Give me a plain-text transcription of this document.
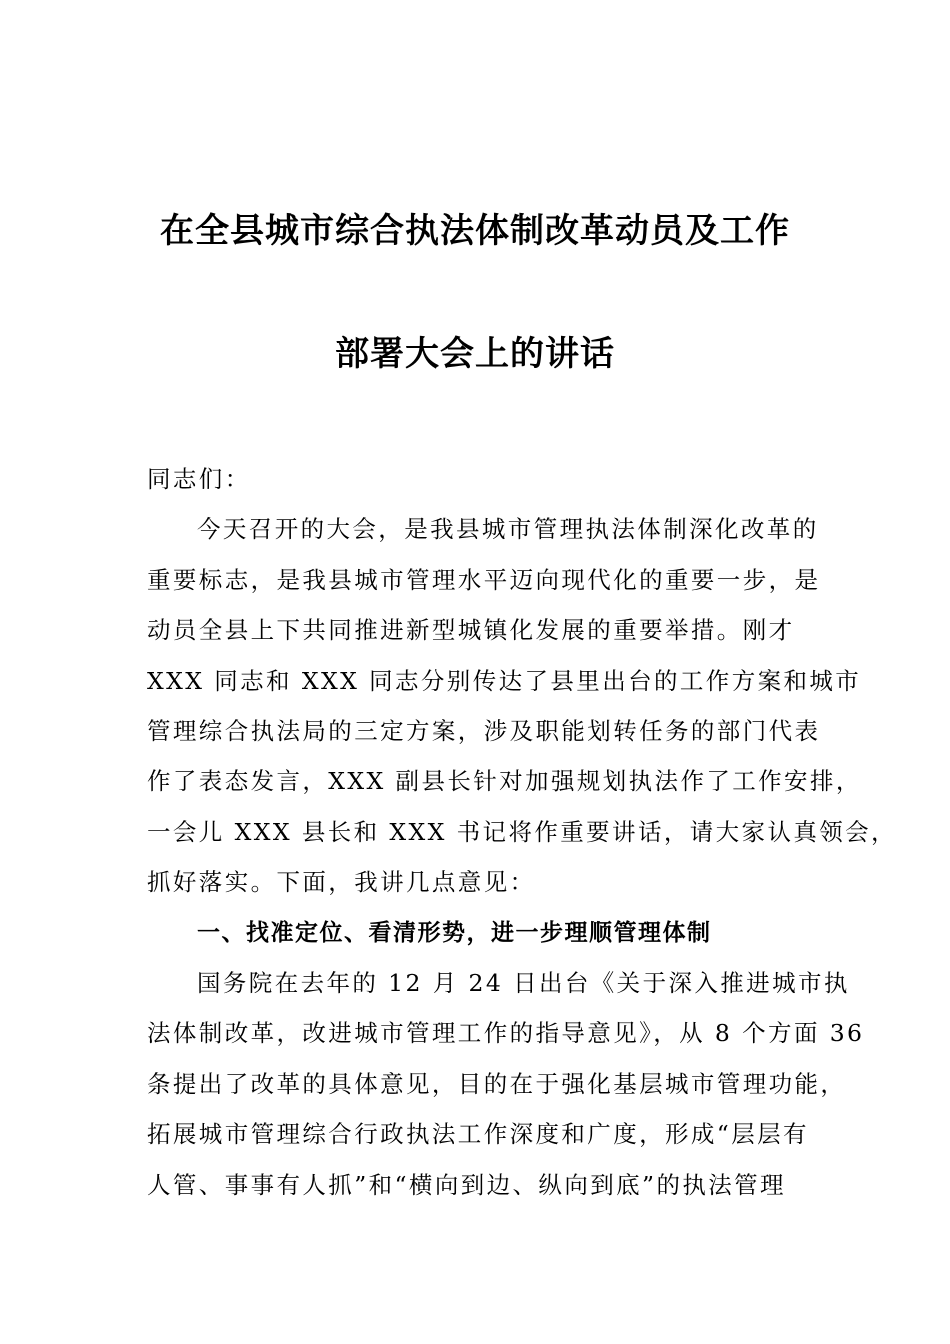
在全县城市综合执法体制改革动员及工作
部署大会上的讲话
同志们：
今天召开的大会，是我县城市管理执法体制深化改革的
重要标志，是我县城市管理水平迈向现代化的重要一步，是
动员全县上下共同推进新型城镇化发展的重要举措。刚才
XXX 同志和 XXX 同志分别传达了县里出台的工作方案和城市
管理综合执法局的三定方案，涉及职能划转任务的部门代表
作了表态发言，XXX 副县长针对加强规划执法作了工作安排，
一会儿 XXX 县长和 XXX 书记将作重要讲话，请大家认真领会，
抓好落实。下面，我讲几点意见：
一、找准定位、看清形势，进一步理顺管理体制
国务院在去年的 12 月 24 日出台《关于深入推进城市执
法体制改革，改进城市管理工作的指导意见》，从 8 个方面 36
条提出了改革的具体意见，目的在于强化基层城市管理功能，
拓展城市管理综合行政执法工作深度和广度，形成“层层有
人管、事事有人抓”和“横向到边、纵向到底”的执法管理
